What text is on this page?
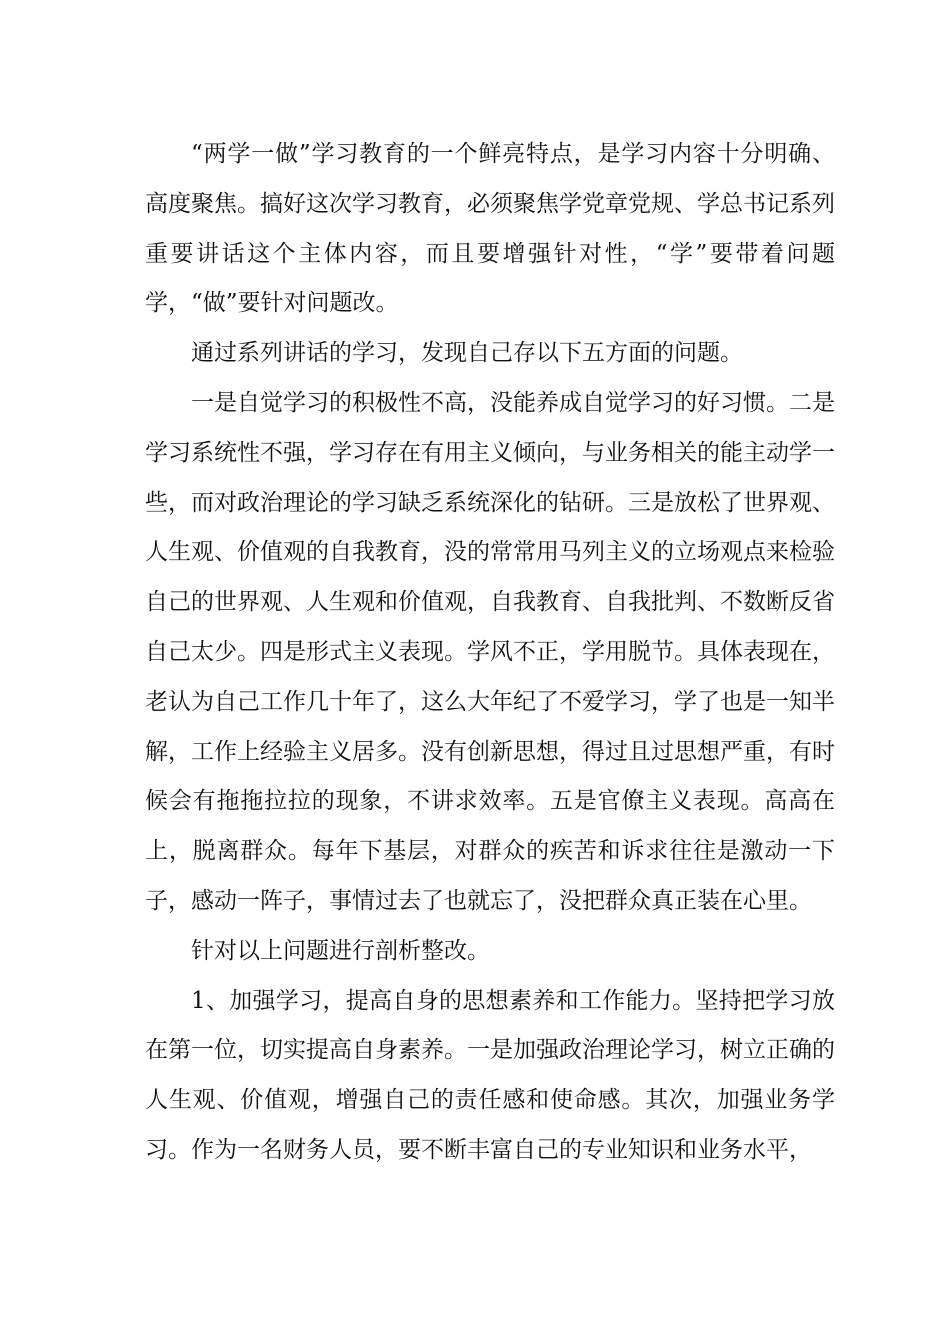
“两学一做”学习教育的一个鲜亮特点，是学习内容十分明确、高度聚焦。搞好这次学习教育，必须聚焦学党章党规、学总书记系列重要讲话这个主体内容，而且要增强针对性，“学”要带着问题学，“做”要针对问题改。

通过系列讲话的学习，发现自己存以下五方面的问题。

一是自觉学习的积极性不高，没能养成自觉学习的好习惯。二是学习系统性不强，学习存在有用主义倾向，与业务相关的能主动学一些，而对政治理论的学习缺乏系统深化的钻研。三是放松了世界观、人生观、价值观的自我教育，没的常常用马列主义的立场观点来检验自己的世界观、人生观和价值观，自我教育、自我批判、不数断反省自己太少。四是形式主义表现。学风不正，学用脱节。具体表现在，老认为自己工作几十年了，这么大年纪了不爱学习，学了也是一知半解，工作上经验主义居多。没有创新思想，得过且过思想严重，有时候会有拖拖拉拉的现象，不讲求效率。五是官僚主义表现。高高在上，脱离群众。每年下基层，对群众的疾苦和诉求往往是激动一下子，感动一阵子，事情过去了也就忘了，没把群众真正装在心里。

针对以上问题进行剖析整改。

1、加强学习，提高自身的思想素养和工作能力。坚持把学习放在第一位，切实提高自身素养。一是加强政治理论学习，树立正确的人生观、价值观，增强自己的责任感和使命感。其次，加强业务学习。作为一名财务人员，要不断丰富自己的专业知识和业务水平，
